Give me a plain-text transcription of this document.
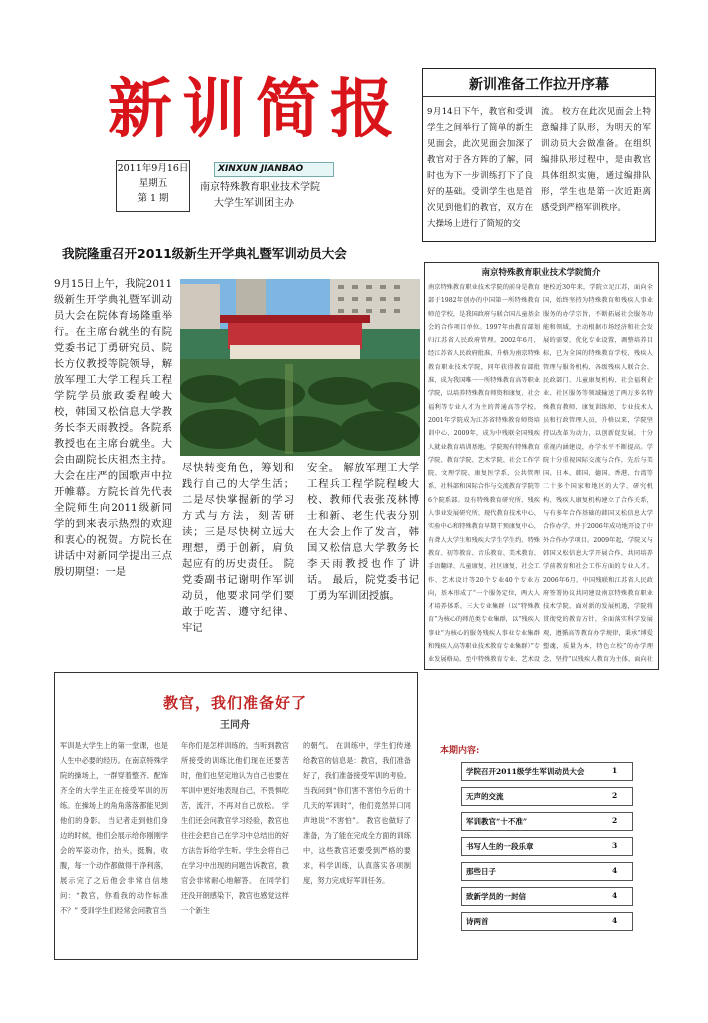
新训简报
2011年9月16日
星期五
第 1 期
XINXUN JIANBAO
南京特殊教育职业技术学院
大学生军训团主办
新训准备工作拉开序幕

9月14日下午，教官和受训学生之间举行了简单的新生见面会，此次见面会加深了教官对于各方阵的了解，同时也为下一步训练打下了良好的基础。受训学生也是首次见到他们的教官，双方在大操场上进行了简短的交

流。 校方在此次见面会上特意编排了队形，为明天的军训动员大会做准备。在组织编排队形过程中，是由教官具体组织实施，通过编排队形，学生也是第一次近距离感受到严格军训秩序。

我院隆重召开2011级新生开学典礼暨军训动员大会

9月15日上午，我院2011级新生开学典礼暨军训动员大会在院体育场隆重举行。在主席台就坐的有院党委书记丁勇研究员、院长方仪教授等院领导，解放军理工大学工程兵工程学院学员旅政委程峻大校，韩国又松信息大学教务长李天雨教授。各院系教授也在主席台就坐。大会由副院长庆祖杰主持。大会在庄严的国歌声中拉开帷幕。方院长首先代表全院师生向2011级新同学的到来表示热烈的欢迎和衷心的祝贺。方院长在讲话中对新同学提出三点殷切期望：一是

尽快转变角色，筹划和践行自己的大学生活；二是尽快掌握新的学习方式与方法，刻苦研读；三是尽快树立远大理想，勇于创新，肩负起应有的历史责任。 院党委副书记谢明作军训动员，他要求同学们要敢于吃苦、遵守纪律、牢记

安全。 解放军理工大学工程兵工程学院程峻大校、教师代表张茂林博士和新、老生代表分别在大会上作了发言，韩国又松信息大学教务长李天雨教授也作了讲话。 最后，院党委书记丁勇为军训团授旗。

南京特殊教育职业技术学院简介

南京特殊教育职业技术学院的前身是教育部于1982年创办的中国第一所特殊教育师范学校，是我国政府与联合国儿童基金会的合作项目单位。1997年由教育部划归江苏省人民政府管理。2002年6月，经江苏省人民政府批准，升格为南京特殊教育职业技术学院，同年获得教育部批准，成为我国唯一一所特殊教育高等职业学院，以培养特殊教育师资和康复、社会福利等专业人才为主的普通高等学校。2001年学院成为江苏省特殊教育师资培训中心，2009年，成为中残联全国残疾人就业教育培训基地。学院现有特殊教育学院、教育学院、艺术学院、社会工作学院、文理学院、康复医学系、公共管理系、社科部和国际合作与交流教育学院等6个院系部。设有特殊教育研究所、残疾人事业发展研究所、现代教育技术中心、实验中心和特殊教育早期干预康复中心，有聋人大学生和残疾大学生学生约、特殊教育、初等教育、音乐教育、美术教育、手语翻译、儿童康复、社区康复、社会工作、艺术设计等20个专业40个专业方向，基本形成了“一个服务定位，两大人才培养体系，三大专业集群（以“特殊教育”为核心的师范类专业集群，以“残疾人事业”为核心的服务残疾人事业专业集群和残疾人高等职业技术教育专业集群）”专业发展格局。至中特殊教育专业、艺术设

建校近30年来，学院立足江苏，面向全国，始终坚持为特殊教育和残疾人事业服务的办学宗旨，不断拓展社会服务功能和领域，主动根据市场经济和社会发展的需要，优化专业设置，调整培养目标，已为全国的特殊教育学校、残疾人管理与服务机构、各级残疾人联合会、民政部门、儿童康复机构、社会福利企业、社区服务等领域输送了两万多名特殊教育教师、康复训练师、专业技术人员和行政管理人员，升格以来，学院坚持以改革为动力，以创新促发展，十分重视内涵建设，办学水平不断提高。学院十分重视国际交流与合作，先后与美国、日本、韩国、德国、香港、台湾等二十多个国家和地区的大学、研究机构、残疾人康复机构建立了合作关系，与有多年合作基础的韩国又松信息大学合作办学，并于2006年成功地开设了中外合作办学项目。2009年起，学院又与韩国又松信息大学开展合作，共同培养学前教育和社会工作方面的专业人才。2006年6月，中国残联和江苏省人民政府签署协议共同建设南京特殊教育职业技术学院，面对新的发展机遇，学院将贯彻党的教育方针，全面落实科学发展观，遵循高等教育办学规律，秉承“博爱塑魂，质量为本，特色立校”的办学理念，坚持“以残疾人教育为主体，面向社

教官，我们准备好了
王同舟

军训是大学生上的第一堂课，也是人生中必要的经历。在南京特殊学院的操场上，一群穿着整齐、配饰齐全的大学生正在接受军训的历练。在操场上的角角落落都能见到他们的身影。 当记者走到他们身边的时候，他们会展示给你刚刚学会的军姿动作，抬头，挺胸，收腹，每一个动作都做得干净利落，展示完了之后他会非常自信地问：“教官，你看我的动作标准不？” 受训学生们经常会问教官当

年你们是怎样训练的，当听到教官所接受的训练比他们现在还要苦时，他们也坚定地认为自己也要在军训中更好地表现自己，不畏惧吃苦，流汗，不再对自己放松。 学生们还会问教官学习经验，教官也往往会把自己在学习中总结出的好方法告诉给学生听。学生会将自己在学习中出现的问题告诉教官，教官会非常耐心地解答。 在同学们还没开朗感染下，教官也感觉这样一个新生

的朝气。 在训练中，学生们传递给教官的信息是：教官，我们准备好了，我们准备接受军训的考验。 当我问到“你们害不害怕今后的十几天的军训时”，他们竟然异口同声地说“不害怕”。 教官也做好了准备，为了能在完成全方面的训练中，这些教官还要受到严格的要求，科学训练，认真落实各项制度，努力完成好军训任务。

本期内容:
学院召开2011级学生军训动员大会	1
无声的交流	2
军训教官“十不准”	2
书写人生的一段乐章	3
那些日子	4
致新学员的一封信	4
诗两首	4
